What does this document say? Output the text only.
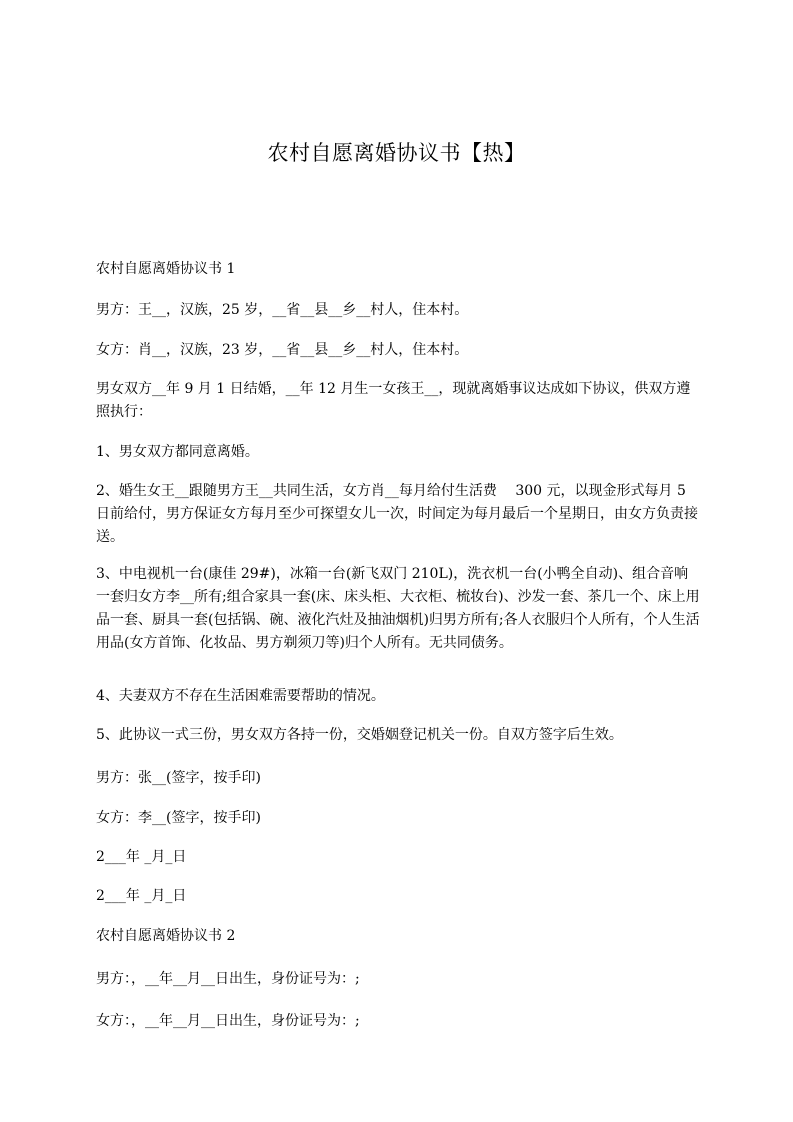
农村自愿离婚协议书【热】

农村自愿离婚协议书 1

男方：王__，汉族，25 岁，__省__县__乡__村人，住本村。

女方：肖__，汉族，23 岁，__省__县__乡__村人，住本村。

男女双方__年 9 月 1 日结婚，__年 12 月生一女孩王__，现就离婚事议达成如下协议，供双方遵照执行：

1、男女双方都同意离婚。

2、婚生女王__跟随男方王__共同生活，女方肖__每月给付生活费　 300 元，以现金形式每月 5 日前给付，男方保证女方每月至少可探望女儿一次，时间定为每月最后一个星期日，由女方负责接送。

3、中电视机一台(康佳 29#)，冰箱一台(新飞双门 210L)，洗衣机一台(小鸭全自动)、组合音响一套归女方李__所有;组合家具一套(床、床头柜、大衣柜、梳妆台)、沙发一套、茶几一个、床上用品一套、厨具一套(包括锅、碗、液化汽灶及抽油烟机)归男方所有;各人衣服归个人所有，个人生活用品(女方首饰、化妆品、男方剃须刀等)归个人所有。无共同债务。

4、夫妻双方不存在生活困难需要帮助的情况。

5、此协议一式三份，男女双方各持一份，交婚姻登记机关一份。自双方签字后生效。

男方：张__(签字，按手印)

女方：李__(签字，按手印)

2___年 _月_日

2___年 _月_日

农村自愿离婚协议书 2

男方：，__年__月__日出生，身份证号为：;

女方：，__年__月__日出生，身份证号为：;
